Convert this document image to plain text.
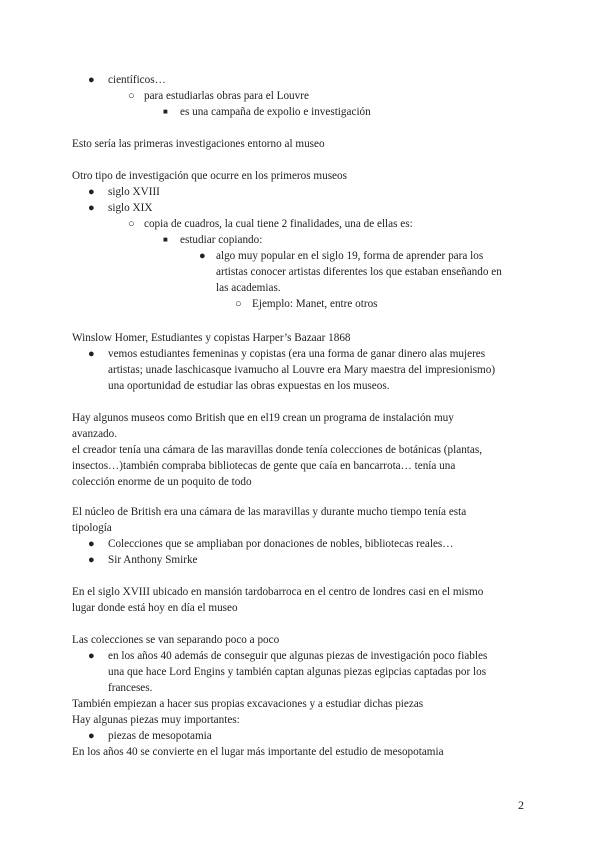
●
○
■
●
●
○
■
●
○
●
●
●
●
●
científicos…
para estudiarlas obras para el Louvre
es una campaña de expolio e investigación
Esto sería las primeras investigaciones entorno al museo
Otro tipo de investigación que ocurre en los primeros museos
siglo XVIII
siglo XIX
copia de cuadros, la cual tiene 2 finalidades, una de ellas es:
estudiar copiando:
algo muy popular en el siglo 19, forma de aprender para los
artistas conocer artistas diferentes los que estaban enseñando en
las academias.
Ejemplo: Manet, entre otros
Winslow Homer, Estudiantes y copistas Harper’s Bazaar 1868
vemos estudiantes femeninas y copistas (era una forma de ganar dinero alas mujeres
artistas; unade laschicasque ivamucho al Louvre era Mary maestra del impresionismo)
una oportunidad de estudiar las obras expuestas en los museos.
Hay algunos museos como British que en el19 crean un programa de instalación muy
avanzado.
el creador tenía una cámara de las maravillas donde tenía colecciones de botánicas (plantas,
insectos…)también compraba bibliotecas de gente que caía en bancarrota… tenía una
colección enorme de un poquito de todo
El núcleo de British era una cámara de las maravillas y durante mucho tiempo tenía esta
tipología
Colecciones que se ampliaban por donaciones de nobles, bibliotecas reales…
Sir Anthony Smirke
En el siglo XVIII ubicado en mansión tardobarroca en el centro de londres casi en el mismo
lugar donde está hoy en día el museo
Las colecciones se van separando poco a poco
en los años 40 además de conseguir que algunas piezas de investigación poco fiables
una que hace Lord Engins y también captan algunas piezas egipcias captadas por los
franceses.
También empiezan a hacer sus propias excavaciones y a estudiar dichas piezas
Hay algunas piezas muy importantes:
piezas de mesopotamia
En los años 40 se convierte en el lugar más importante del estudio de mesopotamia
2
